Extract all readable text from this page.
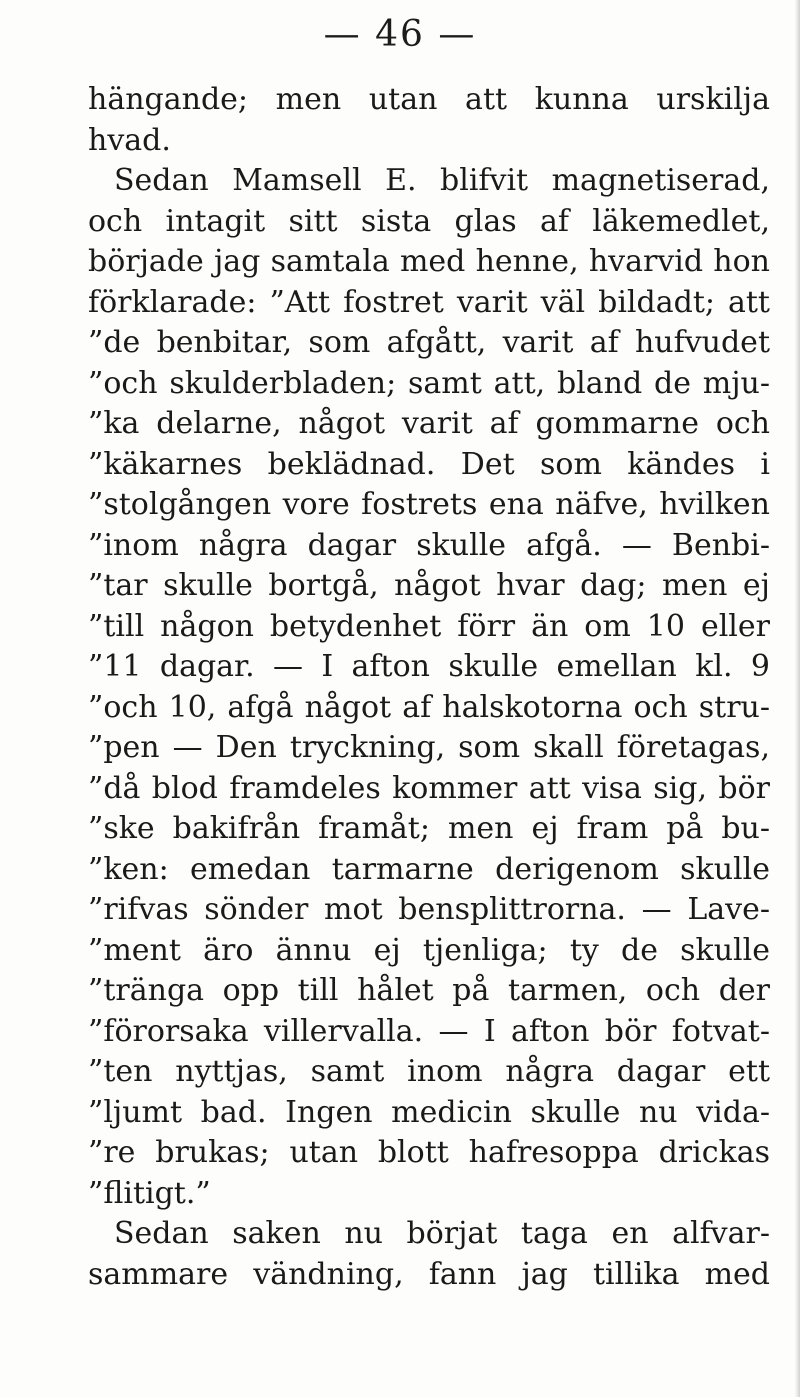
— 46 —
hängande; men utan att kunna urskilja
hvad.
Sedan Mamsell E. blifvit magnetiserad,
och intagit sitt sista glas af läkemedlet,
började jag samtala med henne, hvarvid hon
förklarade: ”Att fostret varit väl bildadt; att
”de benbitar, som afgått, varit af hufvudet
”och skulderbladen; samt att, bland de mju-
”ka delarne, något varit af gommarne och
”käkarnes beklädnad. Det som kändes i
”stolgången vore fostrets ena näfve, hvilken
”inom några dagar skulle afgå. — Benbi-
”tar skulle bortgå, något hvar dag; men ej
”till någon betydenhet förr än om 10 eller
”11 dagar. — I afton skulle emellan kl. 9
”och 10, afgå något af halskotorna och stru-
”pen — Den tryckning, som skall företagas,
”då blod framdeles kommer att visa sig, bör
”ske bakifrån framåt; men ej fram på bu-
”ken: emedan tarmarne derigenom skulle
”rifvas sönder mot bensplittrorna. — Lave-
”ment äro ännu ej tjenliga; ty de skulle
”tränga opp till hålet på tarmen, och der
”förorsaka villervalla. — I afton bör fotvat-
”ten nyttjas, samt inom några dagar ett
”ljumt bad. Ingen medicin skulle nu vida-
”re brukas; utan blott hafresoppa drickas
”flitigt.”
Sedan saken nu börjat taga en alfvar-
sammare vändning, fann jag tillika med
